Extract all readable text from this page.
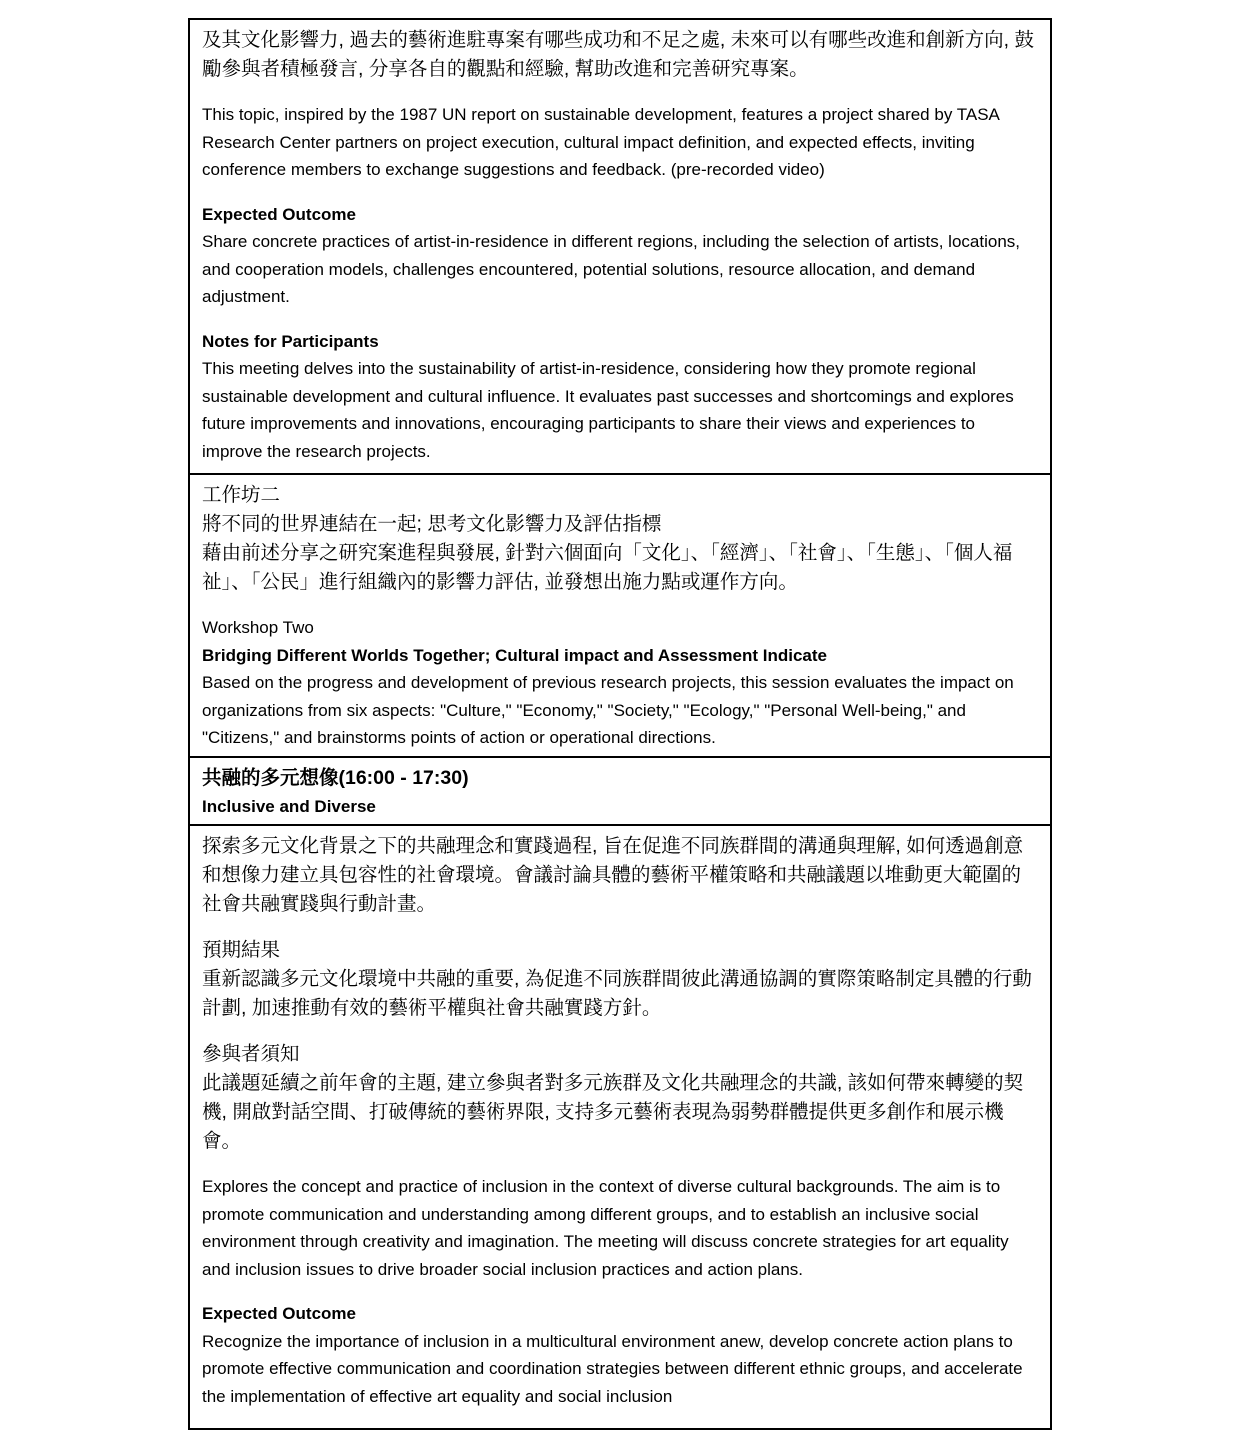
及其文化影響力, 過去的藝術進駐專案有哪些成功和不足之處, 未來可以有哪些改進和創新方向, 鼓勵參與者積極發言, 分享各自的觀點和經驗, 幫助改進和完善研究專案。
This topic, inspired by the 1987 UN report on sustainable development, features a project shared by TASA Research Center partners on project execution, cultural impact definition, and expected effects, inviting conference members to exchange suggestions and feedback. (pre-recorded video)
Expected Outcome
Share concrete practices of artist-in-residence in different regions, including the selection of artists, locations, and cooperation models, challenges encountered, potential solutions, resource allocation, and demand adjustment.
Notes for Participants
This meeting delves into the sustainability of artist-in-residence, considering how they promote regional sustainable development and cultural influence. It evaluates past successes and shortcomings and explores future improvements and innovations, encouraging participants to share their views and experiences to improve the research projects.
工作坊二
將不同的世界連結在一起; 思考文化影響力及評估指標
藉由前述分享之研究案進程與發展, 針對六個面向「文化」、「經濟」、「社會」、「生態」、「個人福祉」、「公民」進行組織內的影響力評估, 並發想出施力點或運作方向。
Workshop Two
Bridging Different Worlds Together; Cultural impact and Assessment Indicate
Based on the progress and development of previous research projects, this session evaluates the impact on organizations from six aspects: "Culture," "Economy," "Society," "Ecology," "Personal Well-being," and "Citizens," and brainstorms points of action or operational directions.
共融的多元想像(16:00 - 17:30)
Inclusive and Diverse
探索多元文化背景之下的共融理念和實踐過程, 旨在促進不同族群間的溝通與理解, 如何透過創意和想像力建立具包容性的社會環境。會議討論具體的藝術平權策略和共融議題以堆動更大範圍的社會共融實踐與行動計畫。
預期結果
重新認識多元文化環境中共融的重要, 為促進不同族群間彼此溝通協調的實際策略制定具體的行動計劃, 加速推動有效的藝術平權與社會共融實踐方針。
參與者須知
此議題延續之前年會的主題, 建立參與者對多元族群及文化共融理念的共識, 該如何帶來轉變的契機, 開啟對話空間、打破傳統的藝術界限, 支持多元藝術表現為弱勢群體提供更多創作和展示機會。
Explores the concept and practice of inclusion in the context of diverse cultural backgrounds. The aim is to promote communication and understanding among different groups, and to establish an inclusive social environment through creativity and imagination. The meeting will discuss concrete strategies for art equality and inclusion issues to drive broader social inclusion practices and action plans.
Expected Outcome
Recognize the importance of inclusion in a multicultural environment anew, develop concrete action plans to promote effective communication and coordination strategies between different ethnic groups, and accelerate the implementation of effective art equality and social inclusion
